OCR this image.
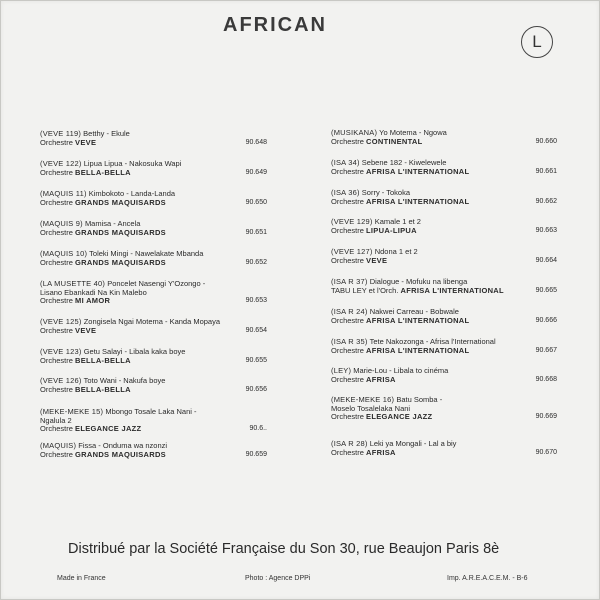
AFRICAN
L
(VEVE 119) Betthy - Ekule
Orchestre VEVE	90.648
(VEVE 122) Lipua Lipua - Nakosuka Wapi
Orchestre BELLA-BELLA	90.649
(MAQUIS 11) Kimbokoto - Landa-Landa
Orchestre GRANDS MAQUISARDS	90.650
(MAQUIS 9) Mamisa - Ancela
Orchestre GRANDS MAQUISARDS	90.651
(MAQUIS 10) Toleki Mingi - Nawelakate Mbanda
Orchestre GRANDS MAQUISARDS	90.652
(LA MUSETTE 40) Poncelet Nasengi Y'Ozongo -
Lisano Ebankadi Na Kin Malebo
Orchestre MI AMOR	90.653
(VEVE 125) Zongisela Ngai Motema - Kanda Mopaya
Orchestre VEVE	90.654
(VEVE 123) Getu Salayi - Libala kaka boye
Orchestre BELLA-BELLA	90.655
(VEVE 126) Toto Wani - Nakufa boye
Orchestre BELLA-BELLA	90.656
(MEKE-MEKE 15) Mbongo Tosale Laka Nani -
Ngalula 2
Orchestre ELEGANCE JAZZ	90.6..
(MAQUIS) Fissa - Onduma wa nzonzi
Orchestre GRANDS MAQUISARDS	90.659
(MUSIKANA) Yo Motema - Ngowa
Orchestre CONTINENTAL	90.660
(ISA 34) Sebene 182 - Kiwelewele
Orchestre AFRISA L'INTERNATIONAL	90.661
(ISA 36) Sorry - Tokoka
Orchestre AFRISA L'INTERNATIONAL	90.662
(VEVE 129) Kamale 1 et 2
Orchestre LIPUA-LIPUA	90.663
(VEVE 127) Ndona 1 et 2
Orchestre VEVE	90.664
(ISA R 37) Dialogue - Mofuku na libenga
TABU LEY et l'Orch. AFRISA L'INTERNATIONAL	90.665
(ISA R 24) Nakwei Carreau - Bobwale
Orchestre AFRISA L'INTERNATIONAL	90.666
(ISA R 35) Tete Nakozonga - Afrisa l'International
Orchestre AFRISA L'INTERNATIONAL	90.667
(LEY) Marie-Lou - Libala to cinéma
Orchestre AFRISA	90.668
(MEKE-MEKE 16) Batu Somba -
Moselo Tosalelaka Nani
Orchestre ELEGANCE JAZZ	90.669
(ISA R 28) Leki ya Mongali - Lal a biy
Orchestre AFRISA	90.670
Distribué par la Société Française du Son 30, rue Beaujon Paris 8è
Made in France	Photo : Agence DPPi	Imp. A.R.E.A.C.E.M. - B-6
